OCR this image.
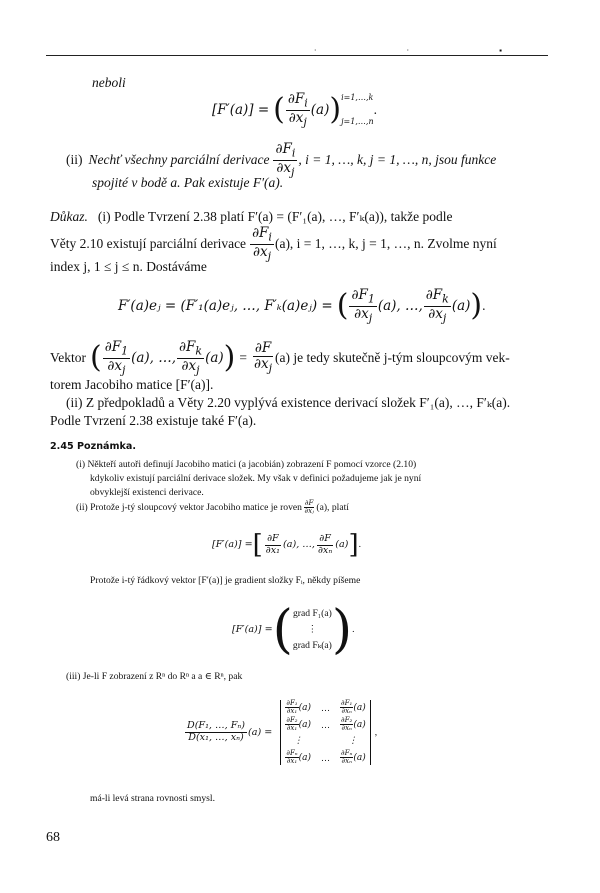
· · ▪
neboli
[F′(a)] = ( $\frac{\partial F_i}{\partial x_j} (a)$ ) i=1,…,k
j=1,…,n
.
(ii) Nechť všechny parciální derivace $\frac{\partial F_i}{\partial x_j}$ , i = 1, …, k, j = 1, …, n, jsou funkce
spojité v bodě a. Pak existuje F′(a).
Důkaz. (i) Podle Tvrzení 2.38 platí F′(a) = (F′₁(a), …, F′ₖ(a)), takže podle
Věty 2.10 existují parciální derivace $\frac{\partial F_i}{\partial x_j} (a)$, i = 1, …, k, j = 1, …, n. Zvolme nyní
index j, 1 ≤ j ≤ n. Dostáváme
F′(a)eⱼ = (F′₁(a)eⱼ, …, F′ₖ(a)eⱼ) = ( $\frac{\partial F_1}{\partial x_j} (a)$, …, $\frac{\partial F_k}{\partial x_j} (a)$ ) .
Vektor ( $\frac{\partial F_1}{\partial x_j} (a)$, …, $\frac{\partial F_k}{\partial x_j} (a)$ ) = $\frac{\partial F}{\partial x_j} (a)$ je tedy skutečně j-tým sloupcovým vek-
torem Jacobiho matice [F′(a)].
(ii) Z předpokladů a Věty 2.20 vyplývá existence derivací složek F′₁(a), …, F′ₖ(a).
Podle Tvrzení 2.38 existuje také F′(a).
2.45 Poznámka.
(i) Někteří autoři definují Jacobiho matici (a jacobián) zobrazení F pomocí vzorce (2.10)
kdykoliv existují parciální derivace složek. My však v definici požadujeme jak je nyní
obvyklejší existenci derivace.
(ii) Protože j-tý sloupcový vektor Jacobiho matice je roven ∂F
∂xⱼ (a), platí
[F′(a)] = [ $\frac{\partial F}{\text{∂x₁}} (a)$, …, $\frac{\partial F}{\text{∂xₙ}} (a)$ ] .
Protože i-tý řádkový vektor [F′(a)] je gradient složky Fᵢ, někdy píšeme
[F′(a)] = ( grad F₁(a)
⋮
grad Fₖ(a) ) .
(iii) Je-li F zobrazení z Rⁿ do Rⁿ a a ∈ Rⁿ, pak
$\frac{\text{D(F₁, …, Fₙ)}}{\text{D(x₁, …, xₙ)}} (a)$ =
$\frac{\text{∂F₁}}{\text{∂x₁}} (a)$ … $\frac{\text{∂F₁}}{\text{∂xₙ}} (a)$
$\frac{\text{∂F₂}}{\text{∂x₁}} (a)$ … $\frac{\text{∂F₂}}{\text{∂xₙ}} (a)$
⋮	⋮
$\frac{\text{∂Fₙ}}{\text{∂x₁}} (a)$ … $\frac{\text{∂Fₙ}}{\text{∂xₙ}} (a)$
,
má-li levá strana rovnosti smysl.
68
